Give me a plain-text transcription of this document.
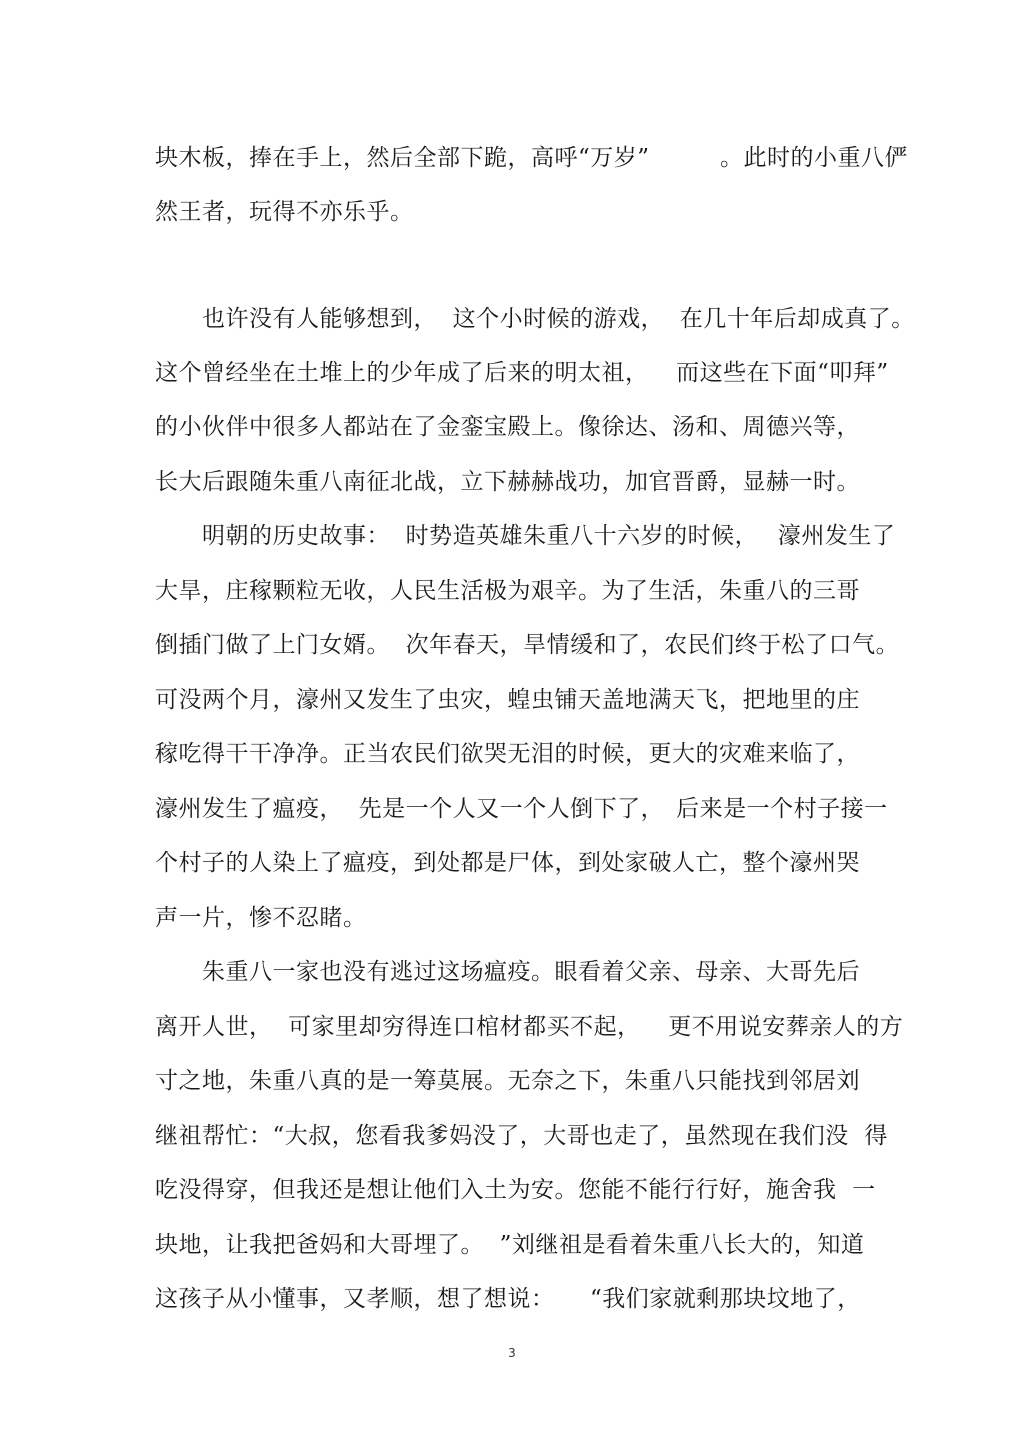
块木板，捧在手上，然后全部下跪，高呼“万岁”　　　。此时的小重八俨
然王者，玩得不亦乐乎。
　　也许没有人能够想到，  这个小时候的游戏，  在几十年后却成真了。
这个曾经坐在土堆上的少年成了后来的明太祖，　  而这些在下面“叩拜”
的小伙伴中很多人都站在了金銮宝殿上。像徐达、汤和、周德兴等，
长大后跟随朱重八南征北战，立下赫赫战功，加官晋爵，显赫一时。
　　明朝的历史故事：  时势造英雄朱重八十六岁的时候，　 濠州发生了
大旱，庄稼颗粒无收，人民生活极为艰辛。为了生活，朱重八的三哥
倒插门做了上门女婿。  次年春天，旱情缓和了，农民们终于松了口气。
可没两个月，濠州又发生了虫灾，蝗虫铺天盖地满天飞，把地里的庄
稼吃得干干净净。正当农民们欲哭无泪的时候，更大的灾难来临了，
濠州发生了瘟疫，  先是一个人又一个人倒下了，　后来是一个村子接一
个村子的人染上了瘟疫，到处都是尸体，到处家破人亡，整个濠州哭
声一片，惨不忍睹。
　　朱重八一家也没有逃过这场瘟疫。眼看着父亲、母亲、大哥先后
离开人世，  可家里却穷得连口棺材都买不起，　  更不用说安葬亲人的方
寸之地，朱重八真的是一筹莫展。无奈之下，朱重八只能找到邻居刘
继祖帮忙：“大叔，您看我爹妈没了，大哥也走了，虽然现在我们没  得
吃没得穿，但我还是想让他们入土为安。您能不能行行好，施舍我  一
块地，让我把爸妈和大哥埋了。  ”刘继祖是看着朱重八长大的，知道
这孩子从小懂事，又孝顺，想了想说：　　“我们家就剩那块坟地了，
3
